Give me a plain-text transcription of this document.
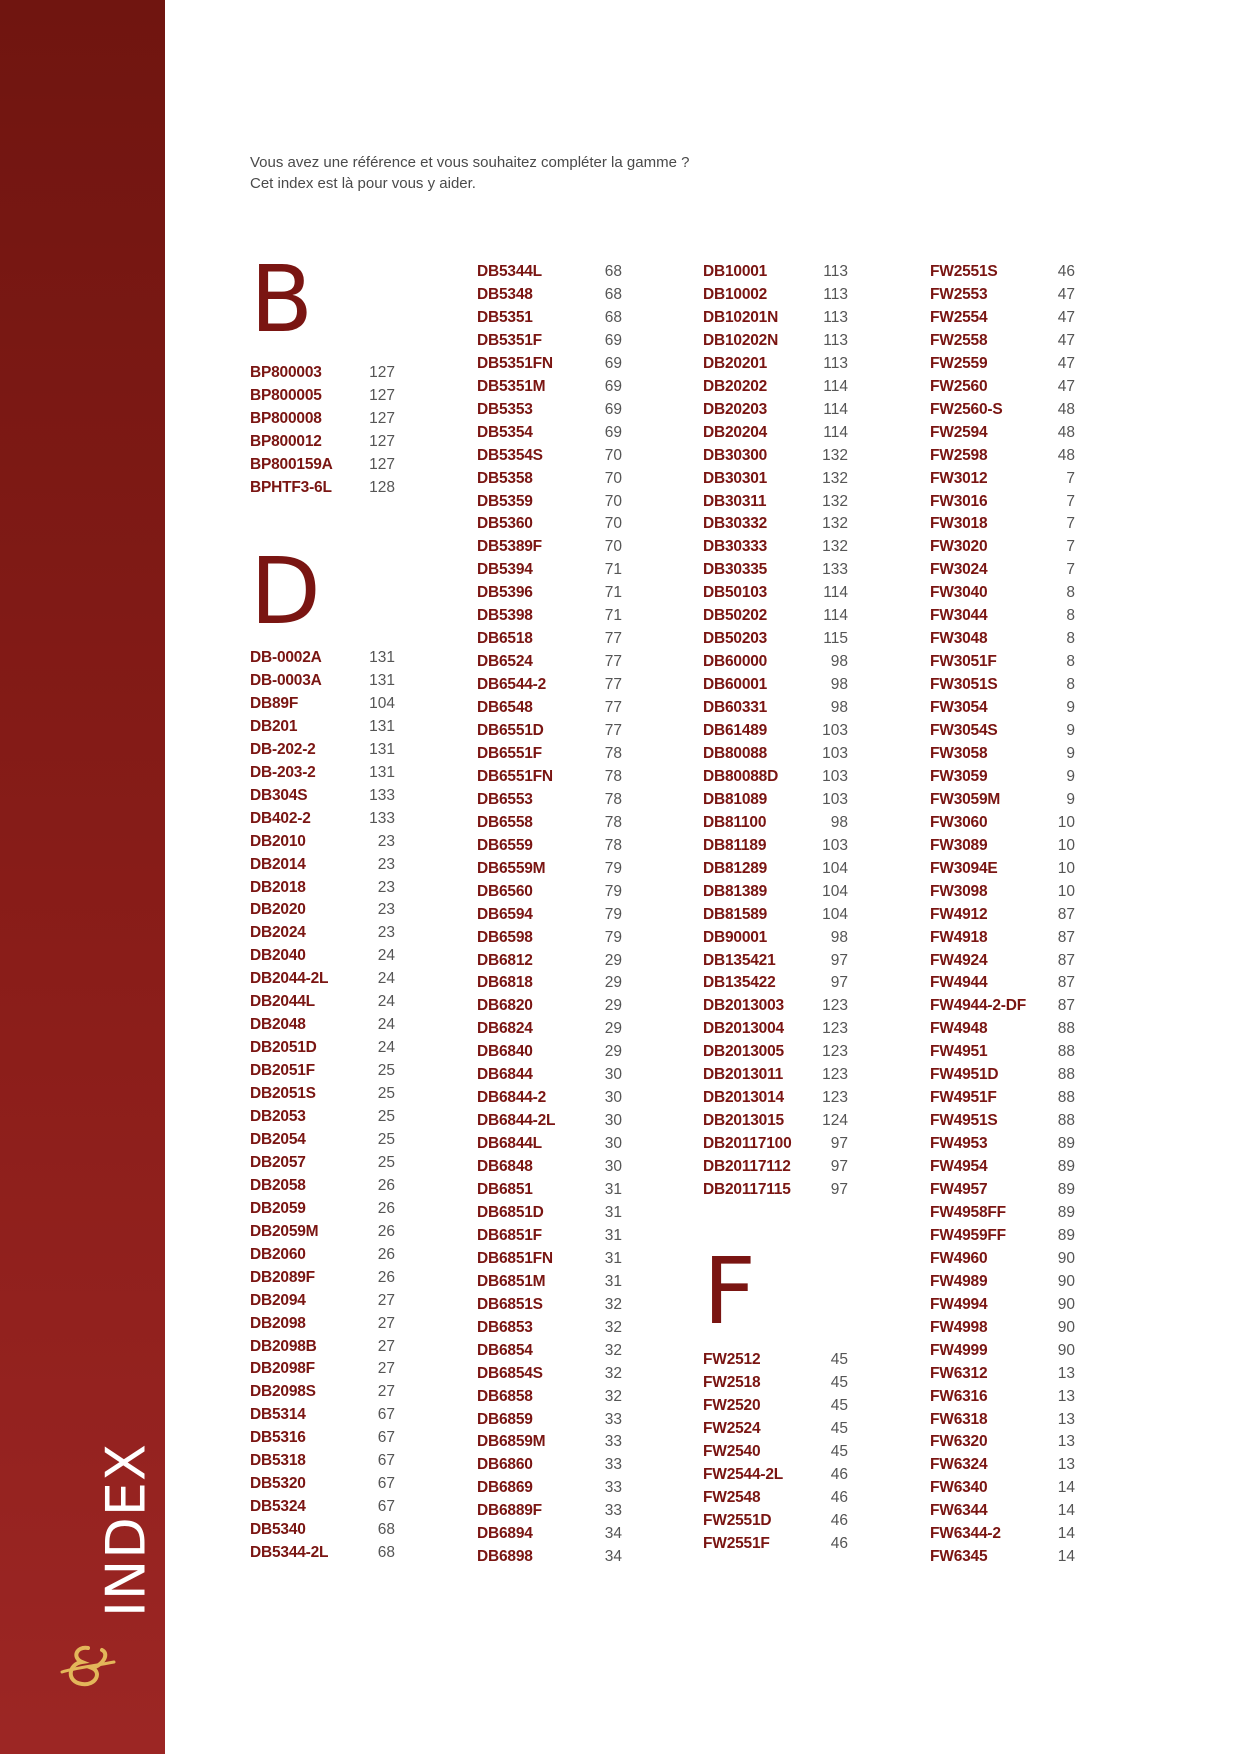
INDEX
Vous avez une référence et vous souhaitez compléter la gamme ?
Cet index est là pour vous y aider.
B
D
BP800003	127
BP800005	127
BP800008	127
BP800012	127
BP800159A 127
BPHTF3-6L 128
DB-0002A	131
DB-0003A	131
DB89F	104
DB201	131
DB-202-2	131
DB-203-2	131
DB304S	133
DB402-2	133
DB2010	23
DB2014	23
DB2018	23
DB2020	23
DB2024	23
DB2040	24
DB2044-2L	24
DB2044L	24
DB2048	24
DB2051D	24
DB2051F	25
DB2051S	25
DB2053	25
DB2054	25
DB2057	25
DB2058	26
DB2059	26
DB2059M	26
DB2060	26
DB2089F	26
DB2094	27
DB2098	27
DB2098B	27
DB2098F	27
DB2098S	27
DB5314	67
DB5316	67
DB5318	67
DB5320	67
DB5324	67
DB5340	68
DB5344-2L	68
DB5344L	68
DB5348	68
DB5351	68
DB5351F	69
DB5351FN	69
DB5351M	69
DB5353	69
DB5354	69
DB5354S	70
DB5358	70
DB5359	70
DB5360	70
DB5389F	70
DB5394	71
DB5396	71
DB5398	71
DB6518	77
DB6524	77
DB6544-2	77
DB6548	77
DB6551D	77
DB6551F	78
DB6551FN	78
DB6553	78
DB6558	78
DB6559	78
DB6559M	79
DB6560	79
DB6594	79
DB6598	79
DB6812	29
DB6818	29
DB6820	29
DB6824	29
DB6840	29
DB6844	30
DB6844-2	30
DB6844-2L	30
DB6844L	30
DB6848	30
DB6851	31
DB6851D	31
DB6851F	31
DB6851FN	31
DB6851M	31
DB6851S	32
DB6853	32
DB6854	32
DB6854S	32
DB6858	32
DB6859	33
DB6859M	33
DB6860	33
DB6869	33
DB6889F	33
DB6894	34
DB6898	34
F
DB10001	113
DB10002	113
DB10201N	113
DB10202N	113
DB20201	113
DB20202	114
DB20203	114
DB20204	114
DB30300	132
DB30301	132
DB30311	132
DB30332	132
DB30333	132
DB30335	133
DB50103	114
DB50202	114
DB50203	115
DB60000	98
DB60001	98
DB60331	98
DB61489	103
DB80088	103
DB80088D	103
DB81089	103
DB81100	98
DB81189	103
DB81289	104
DB81389	104
DB81589	104
DB90001	98
DB135421	97
DB135422	97
DB2013003 123
DB2013004 123
DB2013005 123
DB2013011	123
DB2013014 123
DB2013015 124
DB20117100	97
DB20117112	97
DB20117115	97
FW2512	45
FW2518	45
FW2520	45
FW2524	45
FW2540	45
FW2544-2L	46
FW2548	46
FW2551D	46
FW2551F	46
FW2551S	46
FW2553	47
FW2554	47
FW2558	47
FW2559	47
FW2560	47
FW2560-S	48
FW2594	48
FW2598	48
FW3012	7
FW3016	7
FW3018	7
FW3020	7
FW3024	7
FW3040	8
FW3044	8
FW3048	8
FW3051F	8
FW3051S	8
FW3054	9
FW3054S	9
FW3058	9
FW3059	9
FW3059M	9
FW3060	10
FW3089	10
FW3094E	10
FW3098	10
FW4912	87
FW4918	87
FW4924	87
FW4944	87
FW4944-2-DF 87
FW4948	88
FW4951	88
FW4951D	88
FW4951F	88
FW4951S	88
FW4953	89
FW4954	89
FW4957	89
FW4958FF	89
FW4959FF	89
FW4960	90
FW4989	90
FW4994	90
FW4998	90
FW4999	90
FW6312	13
FW6316	13
FW6318	13
FW6320	13
FW6324	13
FW6340	14
FW6344	14
FW6344-2	14
FW6345	14
